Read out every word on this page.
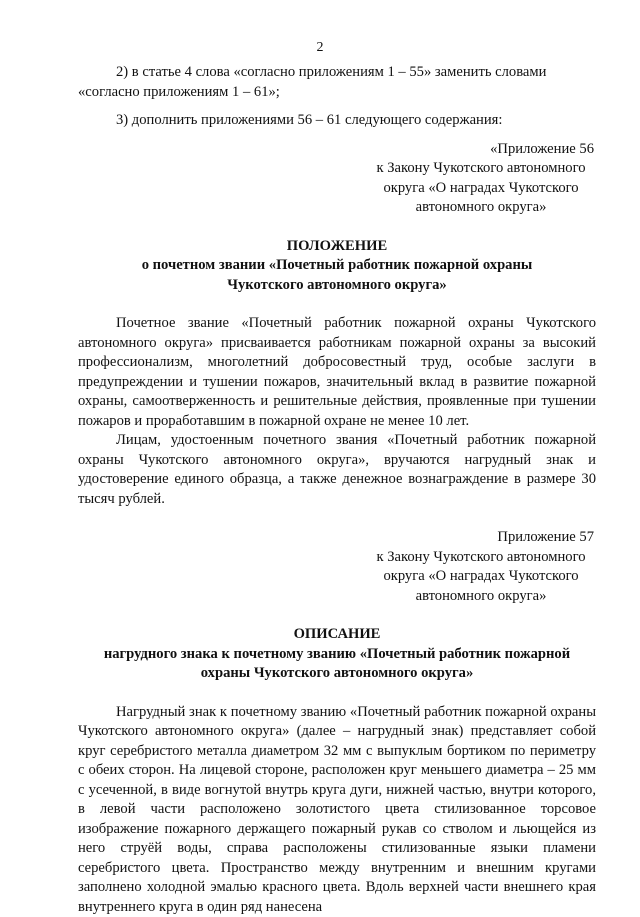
2

2) в статье 4 слова «согласно приложениям 1 – 55» заменить словами

«согласно приложениям 1 – 61»;

3) дополнить приложениями 56 – 61 следующего содержания:

«Приложение 56
к Закону Чукотского автономного
округа «О наградах Чукотского
автономного округа»
ПОЛОЖЕНИЕ
о почетном звании «Почетный работник пожарной охраны
Чукотского автономного округа»

Почетное звание «Почетный работник пожарной охраны Чукотского автономного округа» присваивается работникам пожарной охраны за высокий профессионализм, многолетний добросовестный труд, особые заслуги в предупреждении и тушении пожаров, значительный вклад в развитие пожарной охраны, самоотверженность и решительные действия, проявленные при тушении пожаров и проработавшим в пожарной охране не менее 10 лет.

Лицам, удостоенным почетного звания «Почетный работник пожарной охраны Чукотского автономного округа», вручаются нагрудный знак и удостоверение единого образца, а также денежное вознаграждение в размере 30 тысяч рублей.

Приложение 57
к Закону Чукотского автономного
округа «О наградах Чукотского
автономного округа»
ОПИСАНИЕ
нагрудного знака к почетному званию «Почетный работник пожарной
охраны Чукотского автономного округа»

Нагрудный знак к почетному званию «Почетный работник пожарной охраны Чукотского автономного округа» (далее – нагрудный знак) представляет собой круг серебристого металла диаметром 32 мм с выпуклым бортиком по периметру с обеих сторон. На лицевой стороне, расположен круг меньшего диаметра – 25 мм с усеченной, в виде вогнутой внутрь круга дуги, нижней частью, внутри которого, в левой части расположено золотистого цвета стилизованное торсовое изображение пожарного держащего пожарный рукав со стволом и льющейся из него струёй воды, справа расположены стилизованные языки пламени серебристого цвета. Пространство между внутренним и внешним кругами заполнено холодной эмалью красного цвета. Вдоль верхней части внешнего края внутреннего круга в один ряд нанесена
